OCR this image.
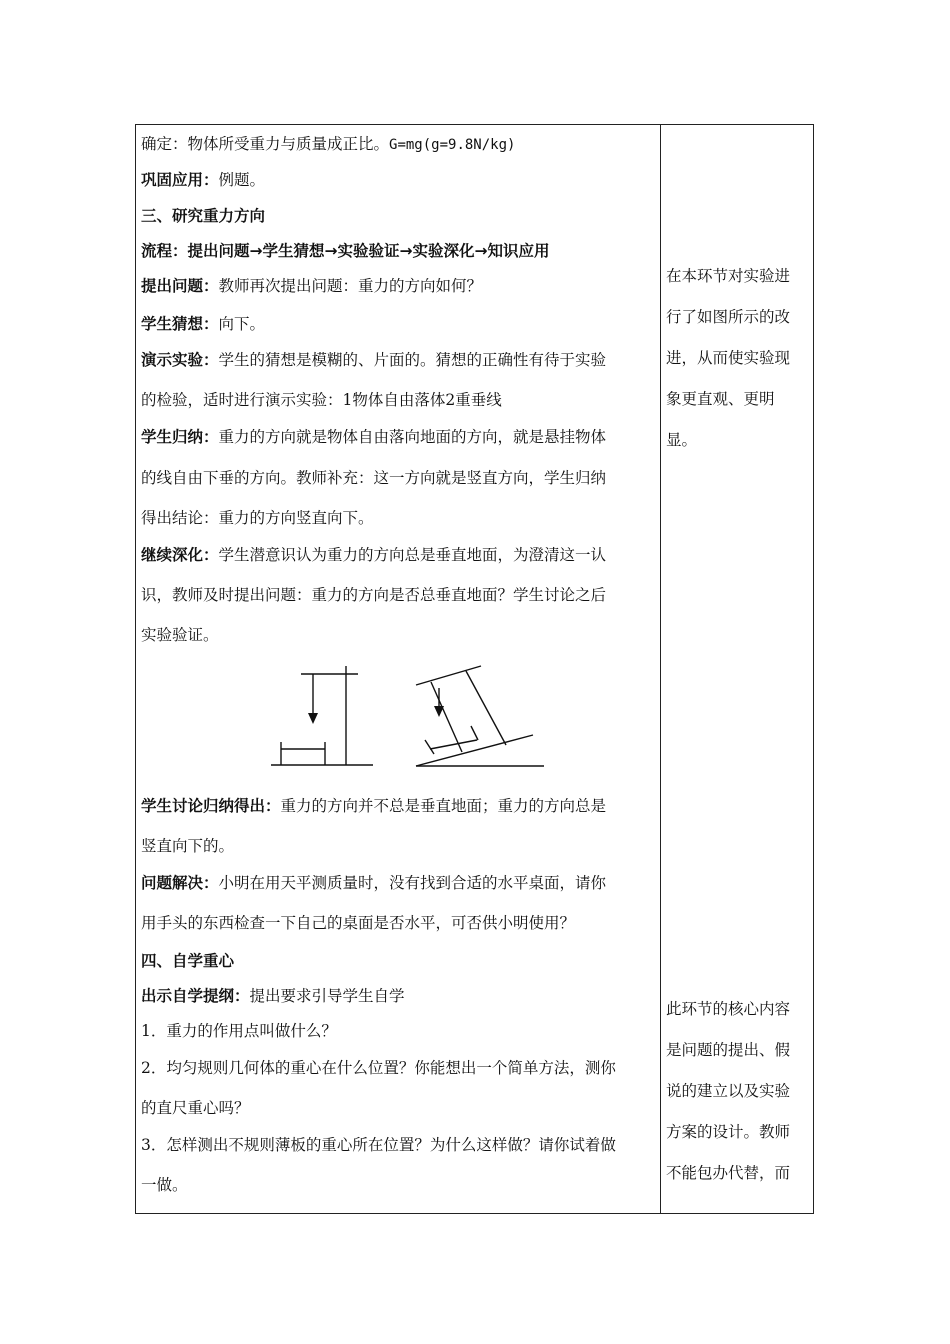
确定：物体所受重力与质量成正比。G=mg(g=9.8N/kg)
巩固应用：例题。
三、研究重力方向
流程：提出问题→学生猜想→实验验证→实验深化→知识应用
提出问题：教师再次提出问题：重力的方向如何？
学生猜想：向下。
演示实验：学生的猜想是模糊的、片面的。猜想的正确性有待于实验
的检验，适时进行演示实验：1物体自由落体2重垂线
学生归纳：重力的方向就是物体自由落向地面的方向，就是悬挂物体
的线自由下垂的方向。教师补充：这一方向就是竖直方向，学生归纳
得出结论：重力的方向竖直向下。
继续深化：学生潜意识认为重力的方向总是垂直地面，为澄清这一认
识，教师及时提出问题：重力的方向是否总垂直地面？学生讨论之后
实验验证。
学生讨论归纳得出：重力的方向并不总是垂直地面；重力的方向总是
竖直向下的。
问题解决：小明在用天平测质量时，没有找到合适的水平桌面，请你
用手头的东西检查一下自己的桌面是否水平，可否供小明使用？
四、自学重心
出示自学提纲：提出要求引导学生自学
1．重力的作用点叫做什么？
2．均匀规则几何体的重心在什么位置？你能想出一个简单方法，测你
的直尺重心吗？
3．怎样测出不规则薄板的重心所在位置？为什么这样做？请你试着做
一做。
在本环节对实验进
行了如图所示的改
进，从而使实验现
象更直观、更明
显。
此环节的核心内容
是问题的提出、假
说的建立以及实验
方案的设计。教师
不能包办代替，而
